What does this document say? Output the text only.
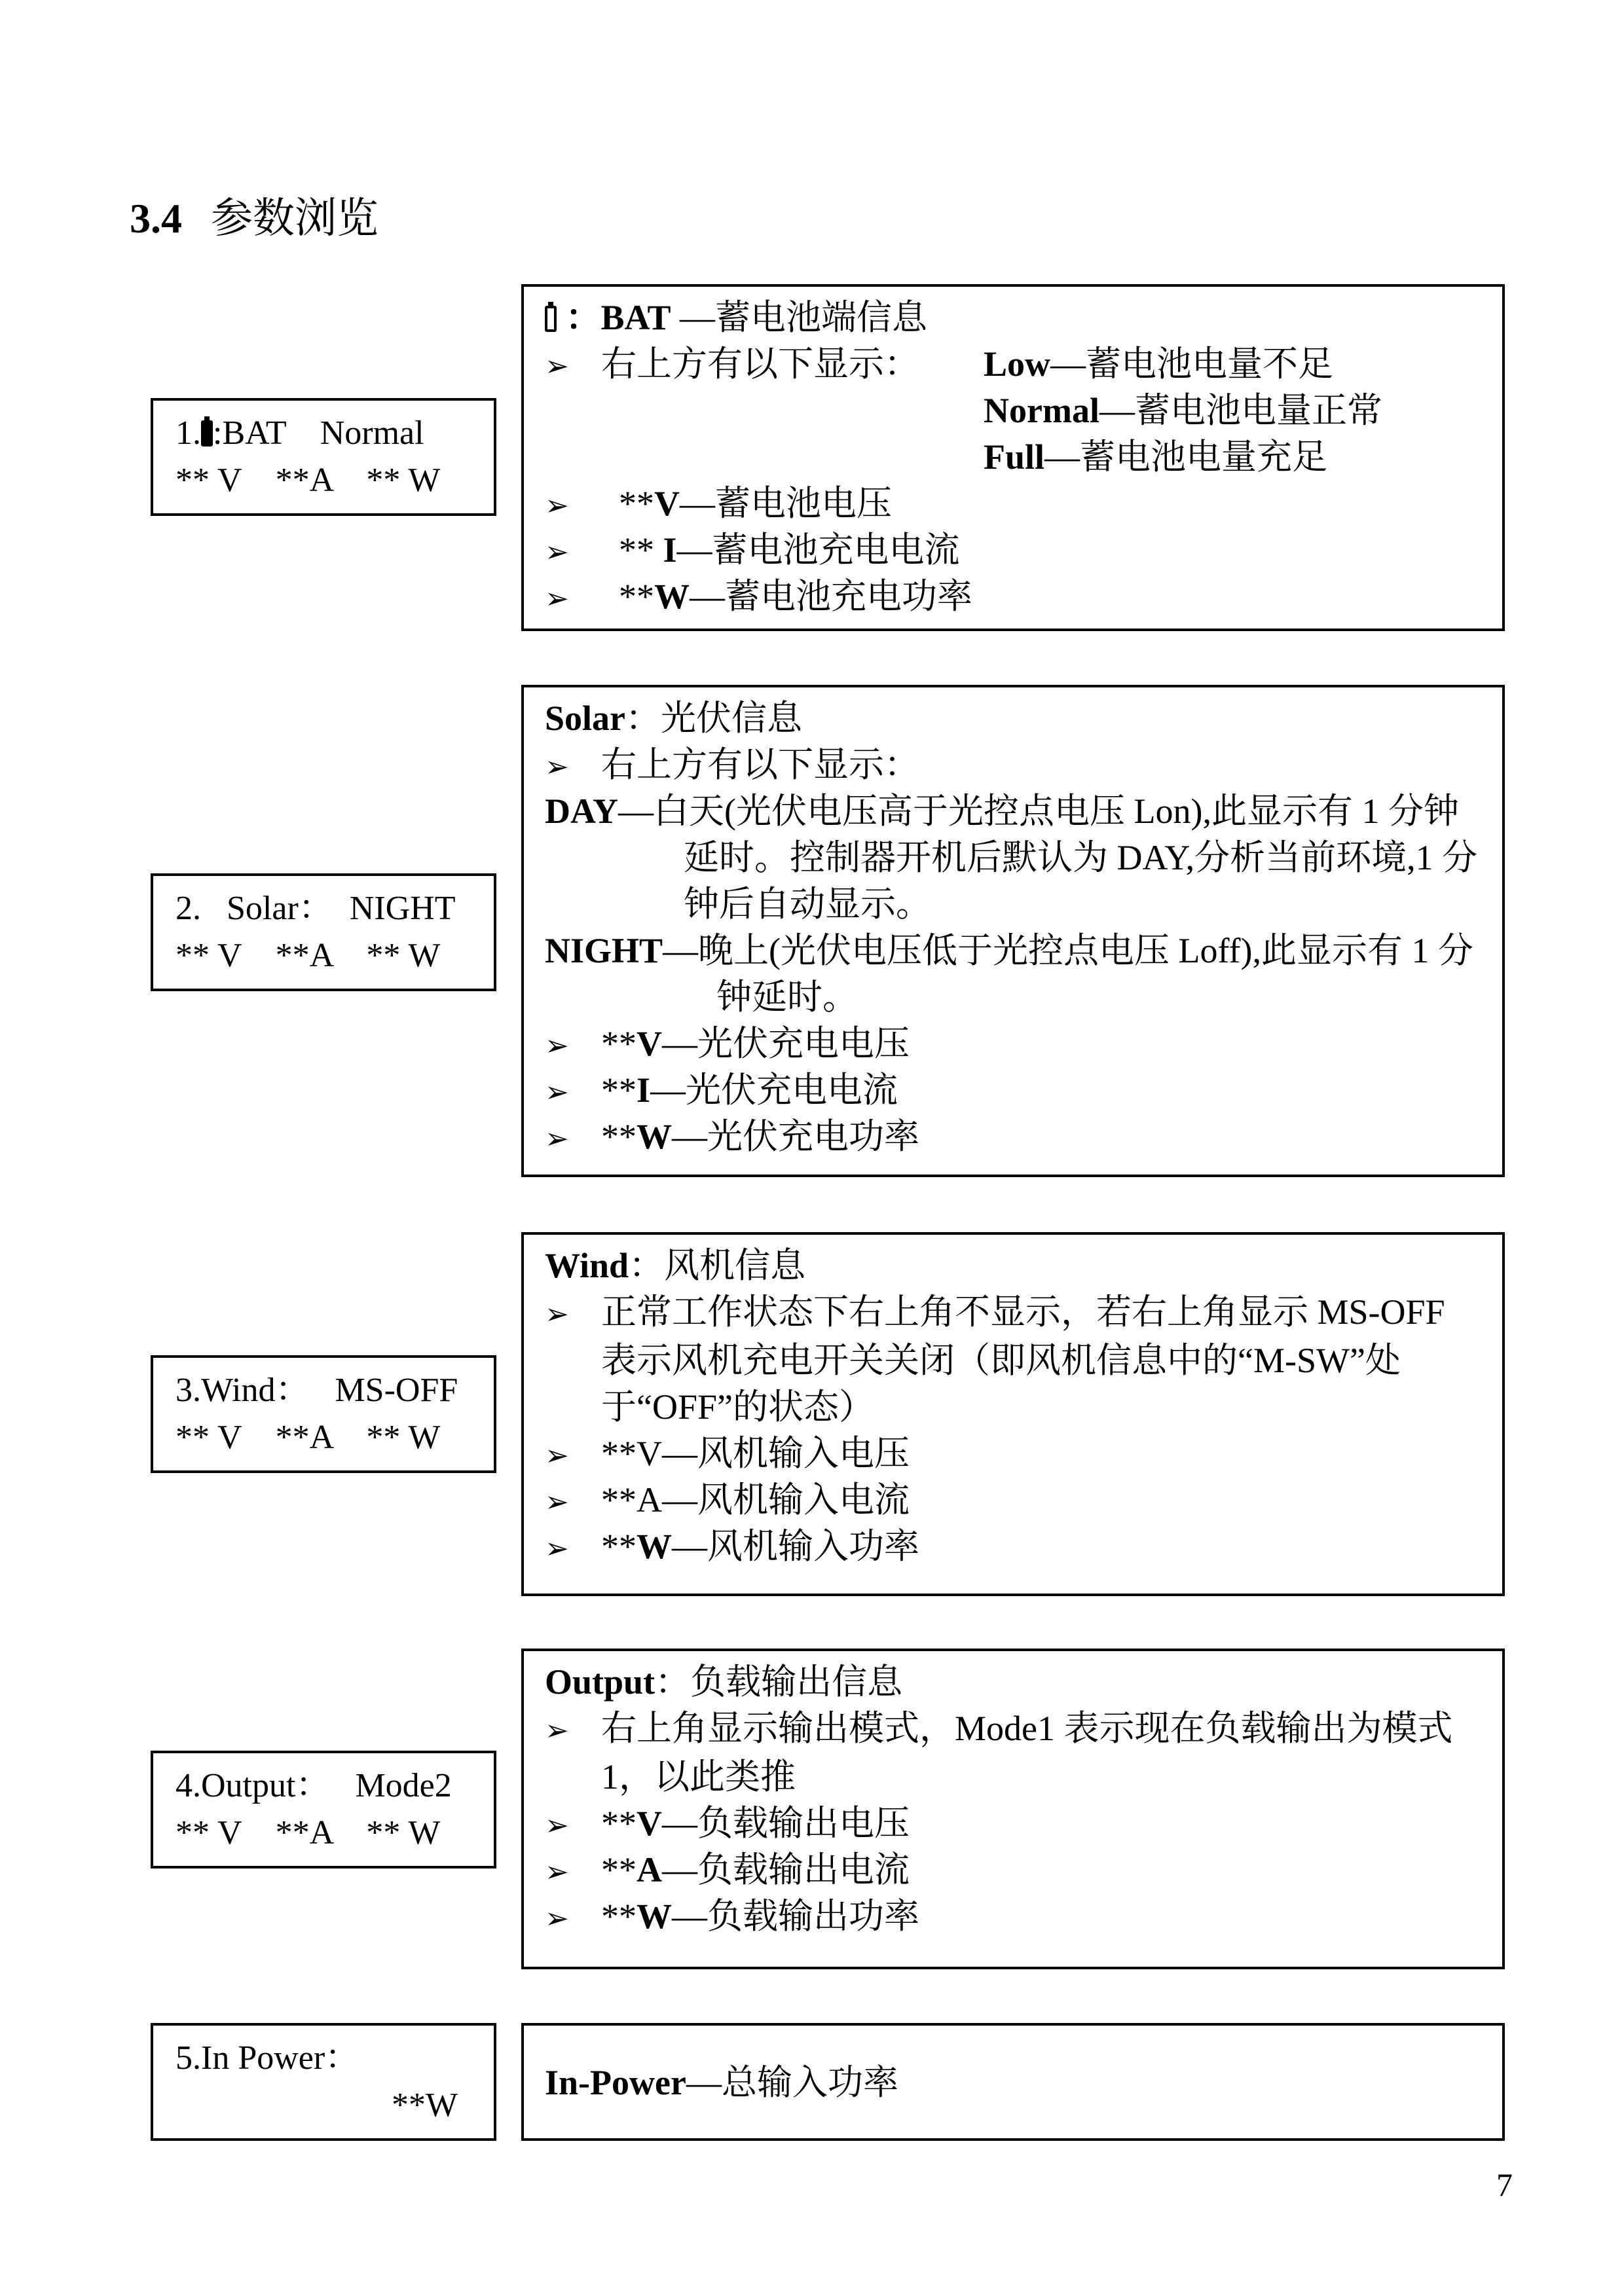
3.4 参数浏览
1. :BAT    Normal
** V    **A    ** W
：BAT —蓄电池端信息
➢ 右上方有以下显示： Low—蓄电池电量不足
Normal—蓄电池电量正常
Full—蓄电池电量充足
➢ **V—蓄电池电压
➢ ** I—蓄电池充电电流
➢ **W—蓄电池充电功率
2.   Solar：  NIGHT
** V    **A    ** W
Solar：光伏信息
➢ 右上方有以下显示：
DAY—白天(光伏电压高于光控点电压 Lon),此显示有 1 分钟延时。控制器开机后默认为 DAY,分析当前环境,1 分钟后自动显示。
NIGHT—晚上(光伏电压低于光控点电压 Loff),此显示有 1 分钟延时。
➢ **V—光伏充电电压
➢ **I—光伏充电电流
➢ **W—光伏充电功率
3.Wind：   MS-OFF
** V    **A    ** W
Wind：风机信息
➢ 正常工作状态下右上角不显示，若右上角显示 MS-OFF 表示风机充电开关关闭（即风机信息中的“M-SW”处于“OFF”的状态）
➢ **V—风机输入电压
➢ **A—风机输入电流
➢ **W—风机输入功率
4.Output：   Mode2
** V    **A    ** W
Output：负载输出信息
➢ 右上角显示输出模式，Mode1 表示现在负载输出为模式 1，以此类推
➢ **V—负载输出电压
➢ **A—负载输出电流
➢ **W—负载输出功率
5.In Power：
**W
In-Power—总输入功率
7
